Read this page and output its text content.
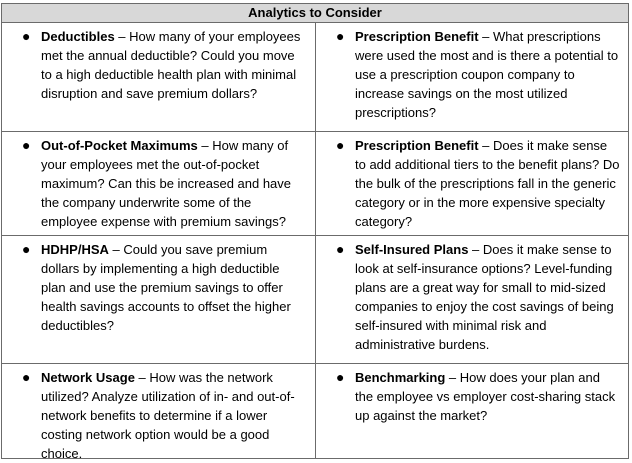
Analytics to Consider
● Deductibles – How many of your employees met the annual deductible? Could you move to a high deductible health plan with minimal disruption and save premium dollars?
● Prescription Benefit – What prescriptions were used the most and is there a potential to use a prescription coupon company to increase savings on the most utilized prescriptions?
● Out-of-Pocket Maximums – How many of your employees met the out-of-pocket maximum? Can this be increased and have the company underwrite some of the employee expense with premium savings?
● Prescription Benefit – Does it make sense to add additional tiers to the benefit plans? Do the bulk of the prescriptions fall in the generic category or in the more expensive specialty category?
● HDHP/HSA – Could you save premium dollars by implementing a high deductible plan and use the premium savings to offer health savings accounts to offset the higher deductibles?
● Self-Insured Plans – Does it make sense to look at self-insurance options? Level-funding plans are a great way for small to mid-sized companies to enjoy the cost savings of being self-insured with minimal risk and administrative burdens.
● Network Usage – How was the network utilized? Analyze utilization of in- and out-of-network benefits to determine if a lower costing network option would be a good choice.
● Benchmarking – How does your plan and the employee vs employer cost-sharing stack up against the market?
